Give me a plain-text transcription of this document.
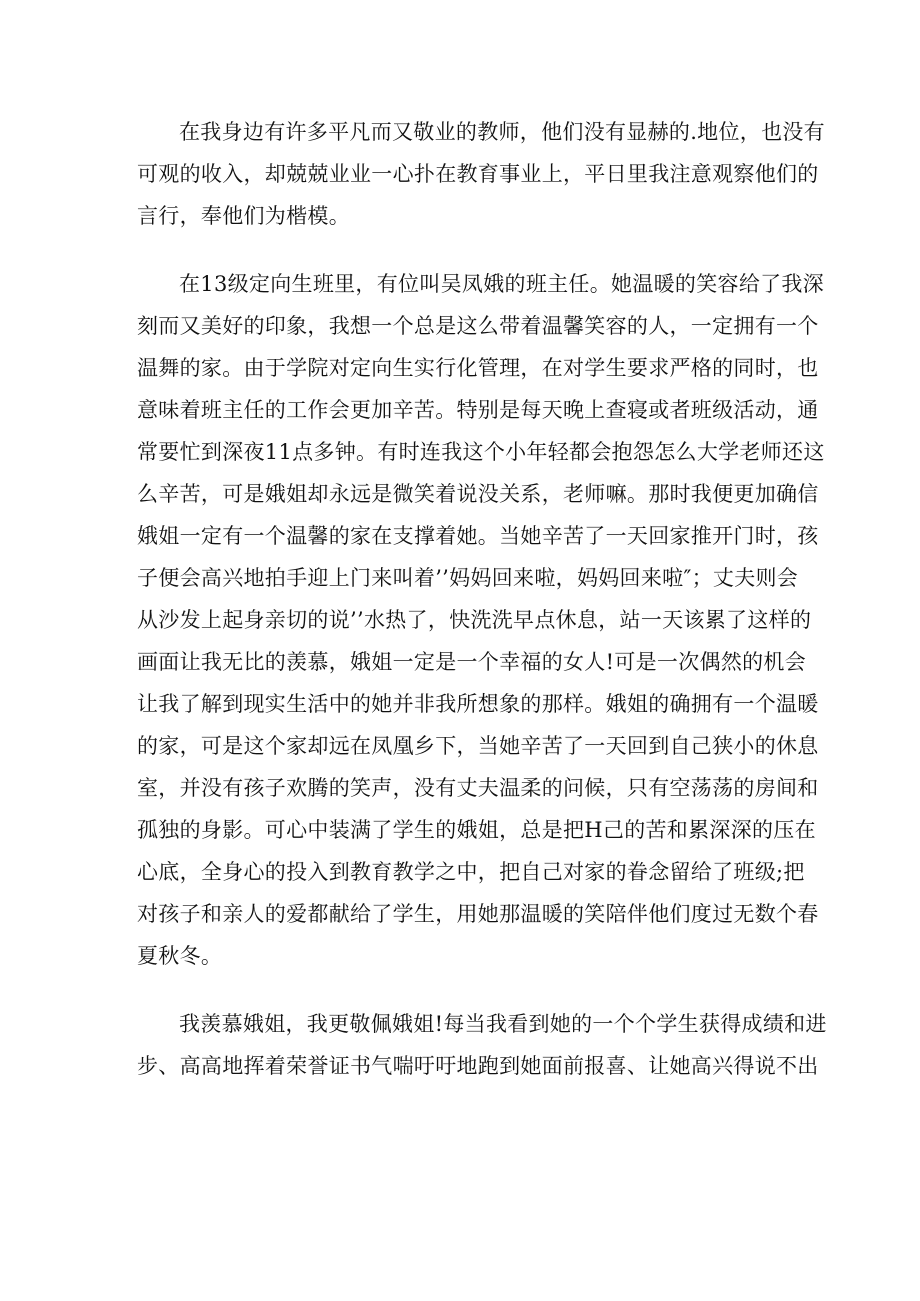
在我身边有许多平凡而又敬业的教师，他们没有显赫的.地位，也没有
可观的收入，却兢兢业业一心扑在教育事业上，平日里我注意观察他们的
言行，奉他们为楷模。
在13级定向生班里，有位叫吴凤娥的班主任。她温暖的笑容给了我深
刻而又美好的印象，我想一个总是这么带着温馨笑容的人，一定拥有一个
温舞的家。由于学院对定向生实行化管理，在对学生要求严格的同时，也
意味着班主任的工作会更加辛苦。特别是每天晚上查寝或者班级活动，通
常要忙到深夜11点多钟。有时连我这个小年轻都会抱怨怎么大学老师还这
么辛苦，可是娥姐却永远是微笑着说没关系，老师嘛。那时我便更加确信
娥姐一定有一个温馨的家在支撑着她。当她辛苦了一天回家推开门时，孩
子便会高兴地拍手迎上门来叫着’’妈妈回来啦，妈妈回来啦″；丈夫则会
从沙发上起身亲切的说’’水热了，快洗洗早点休息，站一天该累了这样的
画面让我无比的羡慕，娥姐一定是一个幸福的女人!可是一次偶然的机会
让我了解到现实生活中的她并非我所想象的那样。娥姐的确拥有一个温暖
的家，可是这个家却远在凤凰乡下，当她辛苦了一天回到自己狭小的休息
室，并没有孩子欢腾的笑声，没有丈夫温柔的问候，只有空荡荡的房间和
孤独的身影。可心中装满了学生的娥姐，总是把H己的苦和累深深的压在
心底，全身心的投入到教育教学之中，把自己对家的眷念留给了班级;把
对孩子和亲人的爱都献给了学生，用她那温暖的笑陪伴他们度过无数个春
夏秋冬。
我羡慕娥姐，我更敬佩娥姐!每当我看到她的一个个学生获得成绩和进
步、高高地挥着荣誉证书气喘吁吁地跑到她面前报喜、让她高兴得说不出
